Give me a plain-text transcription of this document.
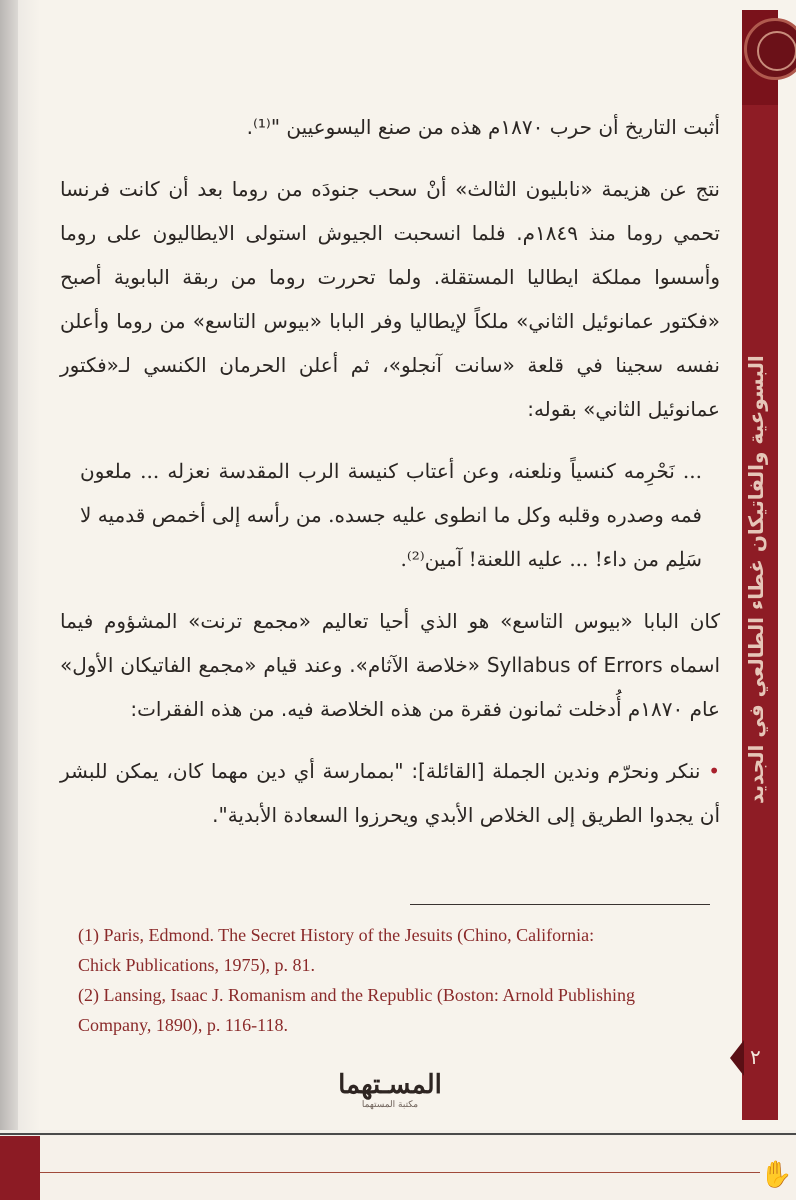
البسوعية والفاتيكان غطاء الطالعي في الجديد
٢

أثبت التاريخ أن حرب ١٨٧٠م هذه من صنع اليسوعيين "⁽¹⁾.

نتج عن هزيمة «نابليون الثالث» أنْ سحب جنودَه من روما بعد أن كانت فرنسا تحمي روما منذ ١٨٤٩م. فلما انسحبت الجيوش استولى الايطاليون على روما وأسسوا مملكة ايطاليا المستقلة. ولما تحررت روما من ربقة البابوية أصبح «فكتور عمانوئيل الثاني» ملكاً لإيطاليا وفر البابا «بيوس التاسع» من روما وأعلن نفسه سجينا في قلعة «سانت آنجلو»، ثم أعلن الحرمان الكنسي لـ«فكتور عمانوئيل الثاني» بقوله:

... نَحْرِمه كنسياً ونلعنه، وعن أعتاب كنيسة الرب المقدسة نعزله ... ملعون فمه وصدره وقلبه وكل ما انطوى عليه جسده. من رأسه إلى أخمص قدميه لا سَلِم من داء! ... عليه اللعنة! آمين⁽²⁾.

كان البابا «بيوس التاسع» هو الذي أحيا تعاليم «مجمع ترنت» المشؤوم فيما اسماه Syllabus of Errors «خلاصة الآثام». وعند قيام «مجمع الفاتيكان الأول» عام ١٨٧٠م أُدخلت ثمانون فقرة من هذه الخلاصة فيه. من هذه الفقرات:

• ننكر ونحرّم وندين الجملة [القائلة]: "بممارسة أي دين مهما كان، يمكن للبشر أن يجدوا الطريق إلى الخلاص الأبدي ويحرزوا السعادة الأبدية".

(1) Paris, Edmond. The Secret History of the Jesuits (Chino, California:
Chick Publications, 1975), p. 81.
(2) Lansing, Isaac J. Romanism and the Republic (Boston: Arnold Publishing
Company, 1890), p. 116-118.
المسـتهما
مكتبة المستهما
✋
